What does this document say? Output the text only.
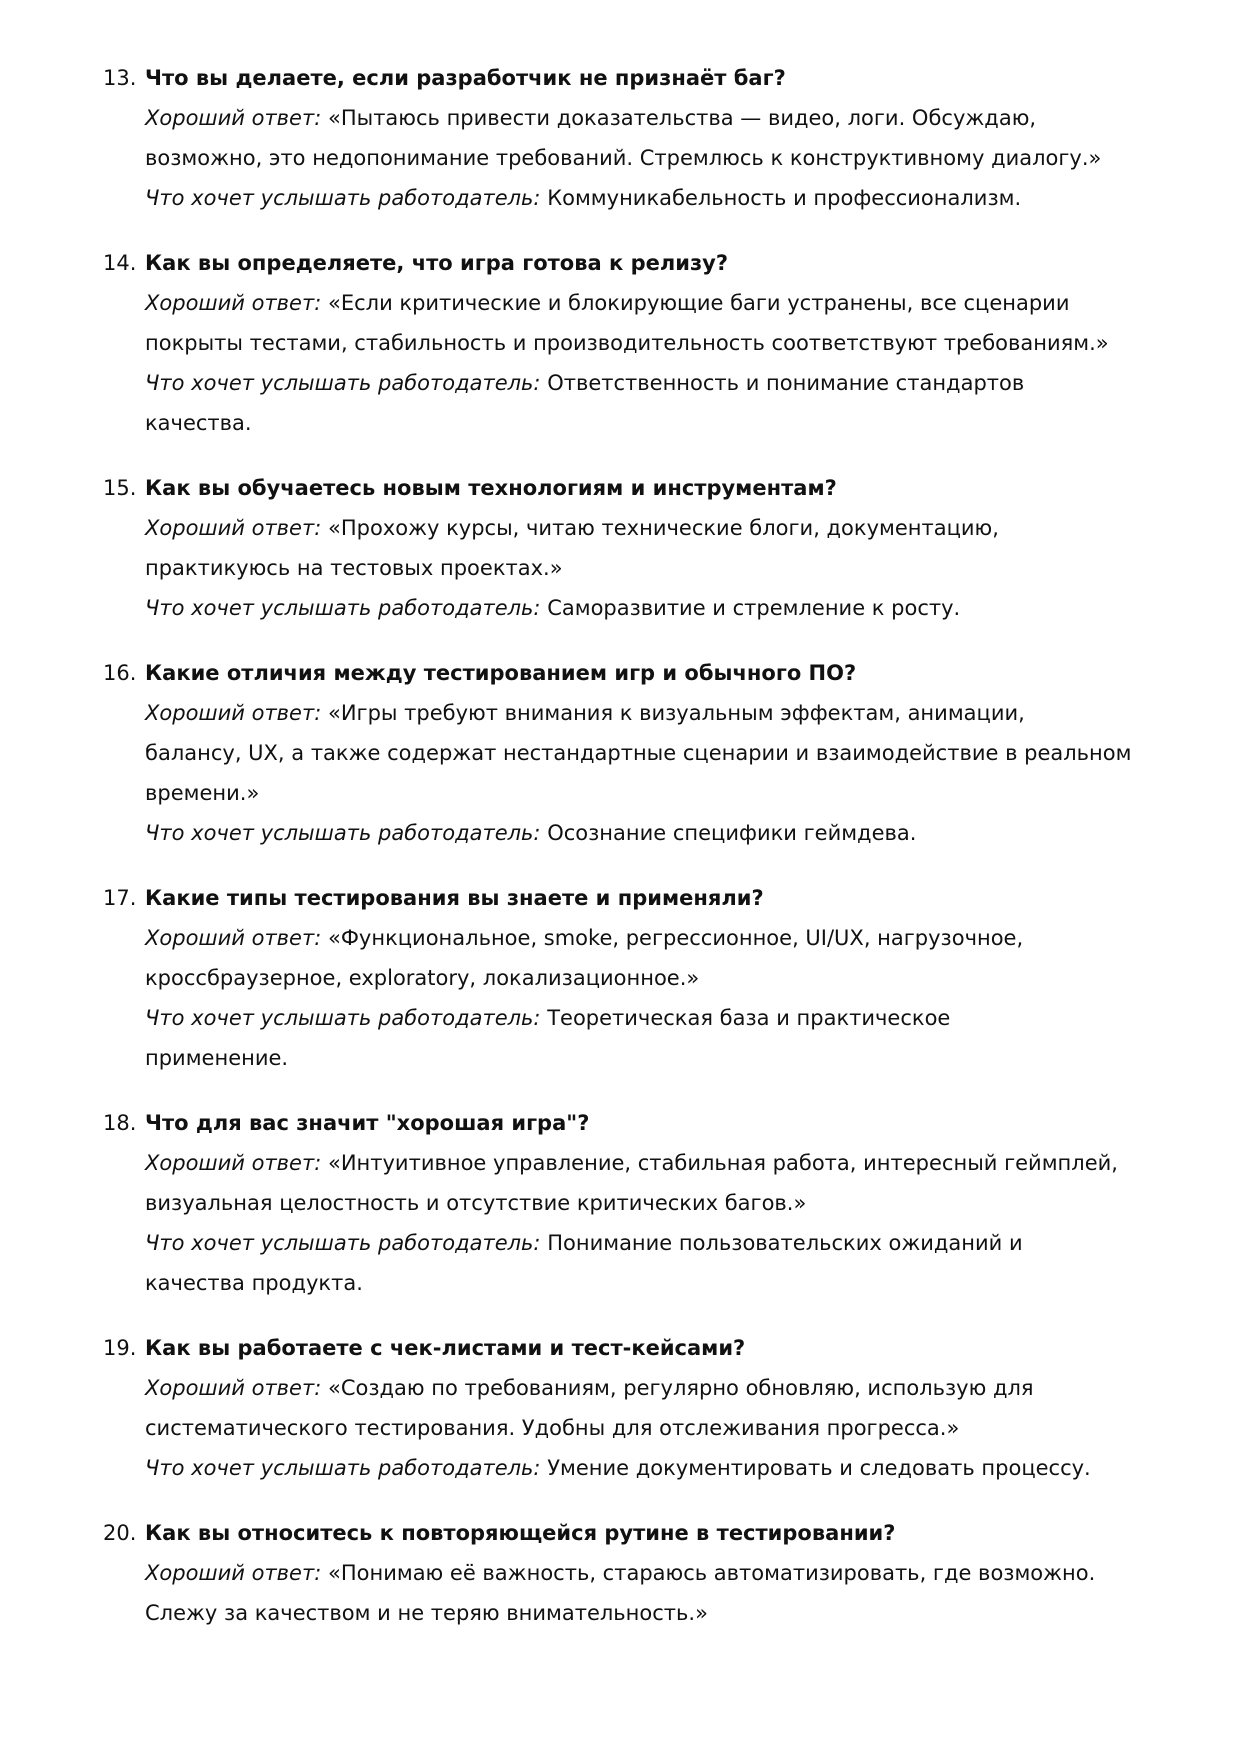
13. Что вы делаете, если разработчик не признаёт баг?
Хороший ответ: «Пытаюсь привести доказательства — видео, логи. Обсуждаю,
возможно, это недопонимание требований. Стремлюсь к конструктивному диалогу.»
Что хочет услышать работодатель: Коммуникабельность и профессионализм.
14. Как вы определяете, что игра готова к релизу?
Хороший ответ: «Если критические и блокирующие баги устранены, все сценарии
покрыты тестами, стабильность и производительность соответствуют требованиям.»
Что хочет услышать работодатель: Ответственность и понимание стандартов
качества.
15. Как вы обучаетесь новым технологиям и инструментам?
Хороший ответ: «Прохожу курсы, читаю технические блоги, документацию,
практикуюсь на тестовых проектах.»
Что хочет услышать работодатель: Саморазвитие и стремление к росту.
16. Какие отличия между тестированием игр и обычного ПО?
Хороший ответ: «Игры требуют внимания к визуальным эффектам, анимации,
балансу, UX, а также содержат нестандартные сценарии и взаимодействие в реальном
времени.»
Что хочет услышать работодатель: Осознание специфики геймдева.
17. Какие типы тестирования вы знаете и применяли?
Хороший ответ: «Функциональное, smoke, регрессионное, UI/UX, нагрузочное,
кроссбраузерное, exploratory, локализационное.»
Что хочет услышать работодатель: Теоретическая база и практическое
применение.
18. Что для вас значит "хорошая игра"?
Хороший ответ: «Интуитивное управление, стабильная работа, интересный геймплей,
визуальная целостность и отсутствие критических багов.»
Что хочет услышать работодатель: Понимание пользовательских ожиданий и
качества продукта.
19. Как вы работаете с чек-листами и тест-кейсами?
Хороший ответ: «Создаю по требованиям, регулярно обновляю, использую для
систематического тестирования. Удобны для отслеживания прогресса.»
Что хочет услышать работодатель: Умение документировать и следовать процессу.
20. Как вы относитесь к повторяющейся рутине в тестировании?
Хороший ответ: «Понимаю её важность, стараюсь автоматизировать, где возможно.
Слежу за качеством и не теряю внимательность.»
